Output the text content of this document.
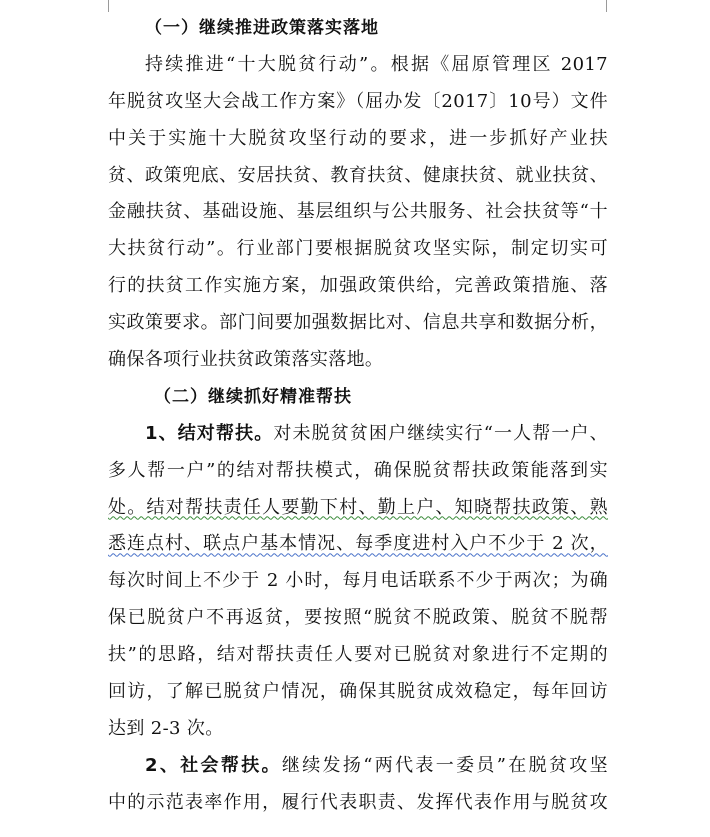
（一）继续推进政策落实落地
持续推进“十大脱贫行动”。根据《屈原管理区 2017
年脱贫攻坚大会战工作方案》（屈办发〔2017〕10号）文件
中关于实施十大脱贫攻坚行动的要求，进一步抓好产业扶
贫、政策兜底、安居扶贫、教育扶贫、健康扶贫、就业扶贫、
金融扶贫、基础设施、基层组织与公共服务、社会扶贫等“十
大扶贫行动”。行业部门要根据脱贫攻坚实际，制定切实可
行的扶贫工作实施方案，加强政策供给，完善政策措施、落
实政策要求。部门间要加强数据比对、信息共享和数据分析，
确保各项行业扶贫政策落实落地。
（二）继续抓好精准帮扶
1、结对帮扶。对未脱贫贫困户继续实行“一人帮一户、
多人帮一户”的结对帮扶模式，确保脱贫帮扶政策能落到实
处。结对帮扶责任人要勤下村、勤上户、知晓帮扶政策、熟
悉连点村、联点户基本情况、每季度进村入户不少于 2 次，
每次时间上不少于 2 小时，每月电话联系不少于两次；为确
保已脱贫户不再返贫，要按照“脱贫不脱政策、脱贫不脱帮
扶”的思路，结对帮扶责任人要对已脱贫对象进行不定期的
回访，了解已脱贫户情况，确保其脱贫成效稳定，每年回访
达到 2-3 次。
2、社会帮扶。继续发扬“两代表一委员”在脱贫攻坚
中的示范表率作用，履行代表职责、发挥代表作用与脱贫攻
